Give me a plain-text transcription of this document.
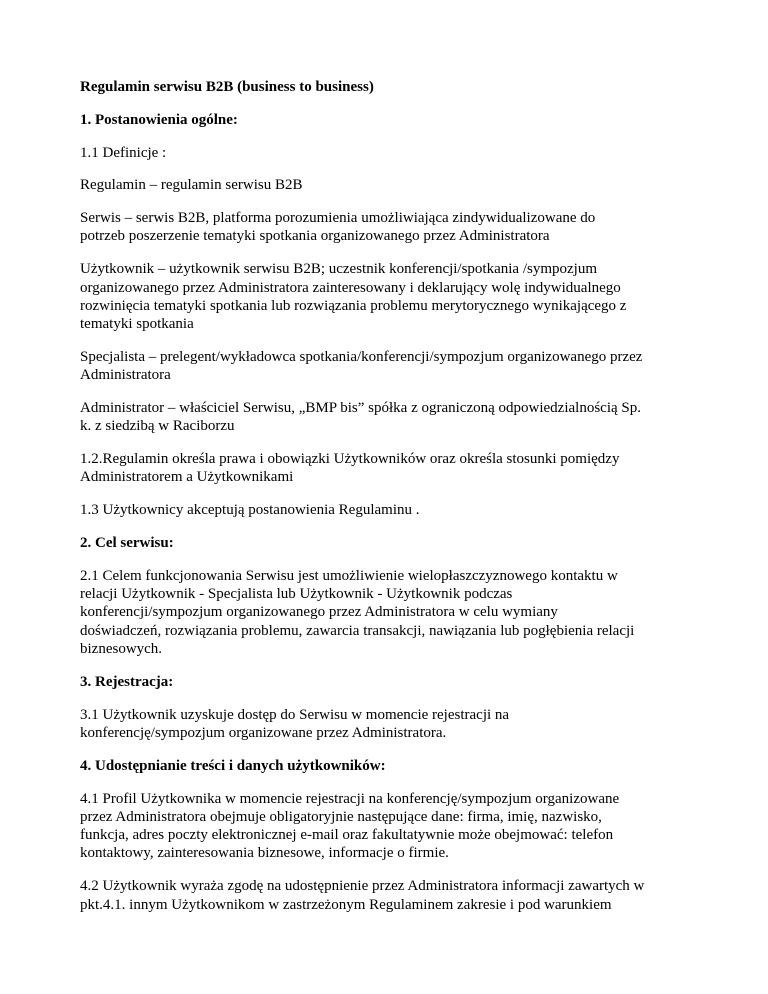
Regulamin serwisu B2B (business to business)

1. Postanowienia ogólne:

1.1 Definicje :

Regulamin – regulamin serwisu B2B

Serwis – serwis B2B, platforma porozumienia umożliwiająca zindywidualizowane do
potrzeb poszerzenie tematyki spotkania organizowanego przez Administratora

Użytkownik – użytkownik serwisu B2B; uczestnik konferencji/spotkania /sympozjum
organizowanego przez Administratora zainteresowany i deklarujący wolę indywidualnego
rozwinięcia tematyki spotkania lub rozwiązania problemu merytorycznego wynikającego z
tematyki spotkania

Specjalista – prelegent/wykładowca spotkania/konferencji/sympozjum organizowanego przez
Administratora

Administrator – właściciel Serwisu, „BMP bis” spółka z ograniczoną odpowiedzialnością Sp.
k. z siedzibą w Raciborzu

1.2.Regulamin określa prawa i obowiązki Użytkowników oraz określa stosunki pomiędzy
Administratorem a Użytkownikami

1.3 Użytkownicy akceptują postanowienia Regulaminu .

2. Cel serwisu:

2.1 Celem funkcjonowania Serwisu jest umożliwienie wielopłaszczyznowego kontaktu w
relacji Użytkownik - Specjalista lub Użytkownik - Użytkownik podczas
konferencji/sympozjum organizowanego przez Administratora w celu wymiany
doświadczeń, rozwiązania problemu, zawarcia transakcji, nawiązania lub pogłębienia relacji
biznesowych.

3. Rejestracja:

3.1 Użytkownik uzyskuje dostęp do Serwisu w momencie rejestracji na
konferencję/sympozjum organizowane przez Administratora.

4. Udostępnianie treści i danych użytkowników:

4.1 Profil Użytkownika w momencie rejestracji na konferencję/sympozjum organizowane
przez Administratora obejmuje obligatoryjnie następujące dane: firma, imię, nazwisko,
funkcja, adres poczty elektronicznej e-mail oraz fakultatywnie może obejmować: telefon
kontaktowy, zainteresowania biznesowe, informacje o firmie.

4.2 Użytkownik wyraża zgodę na udostępnienie przez Administratora informacji zawartych w
pkt.4.1. innym Użytkownikom w zastrzeżonym Regulaminem zakresie i pod warunkiem
